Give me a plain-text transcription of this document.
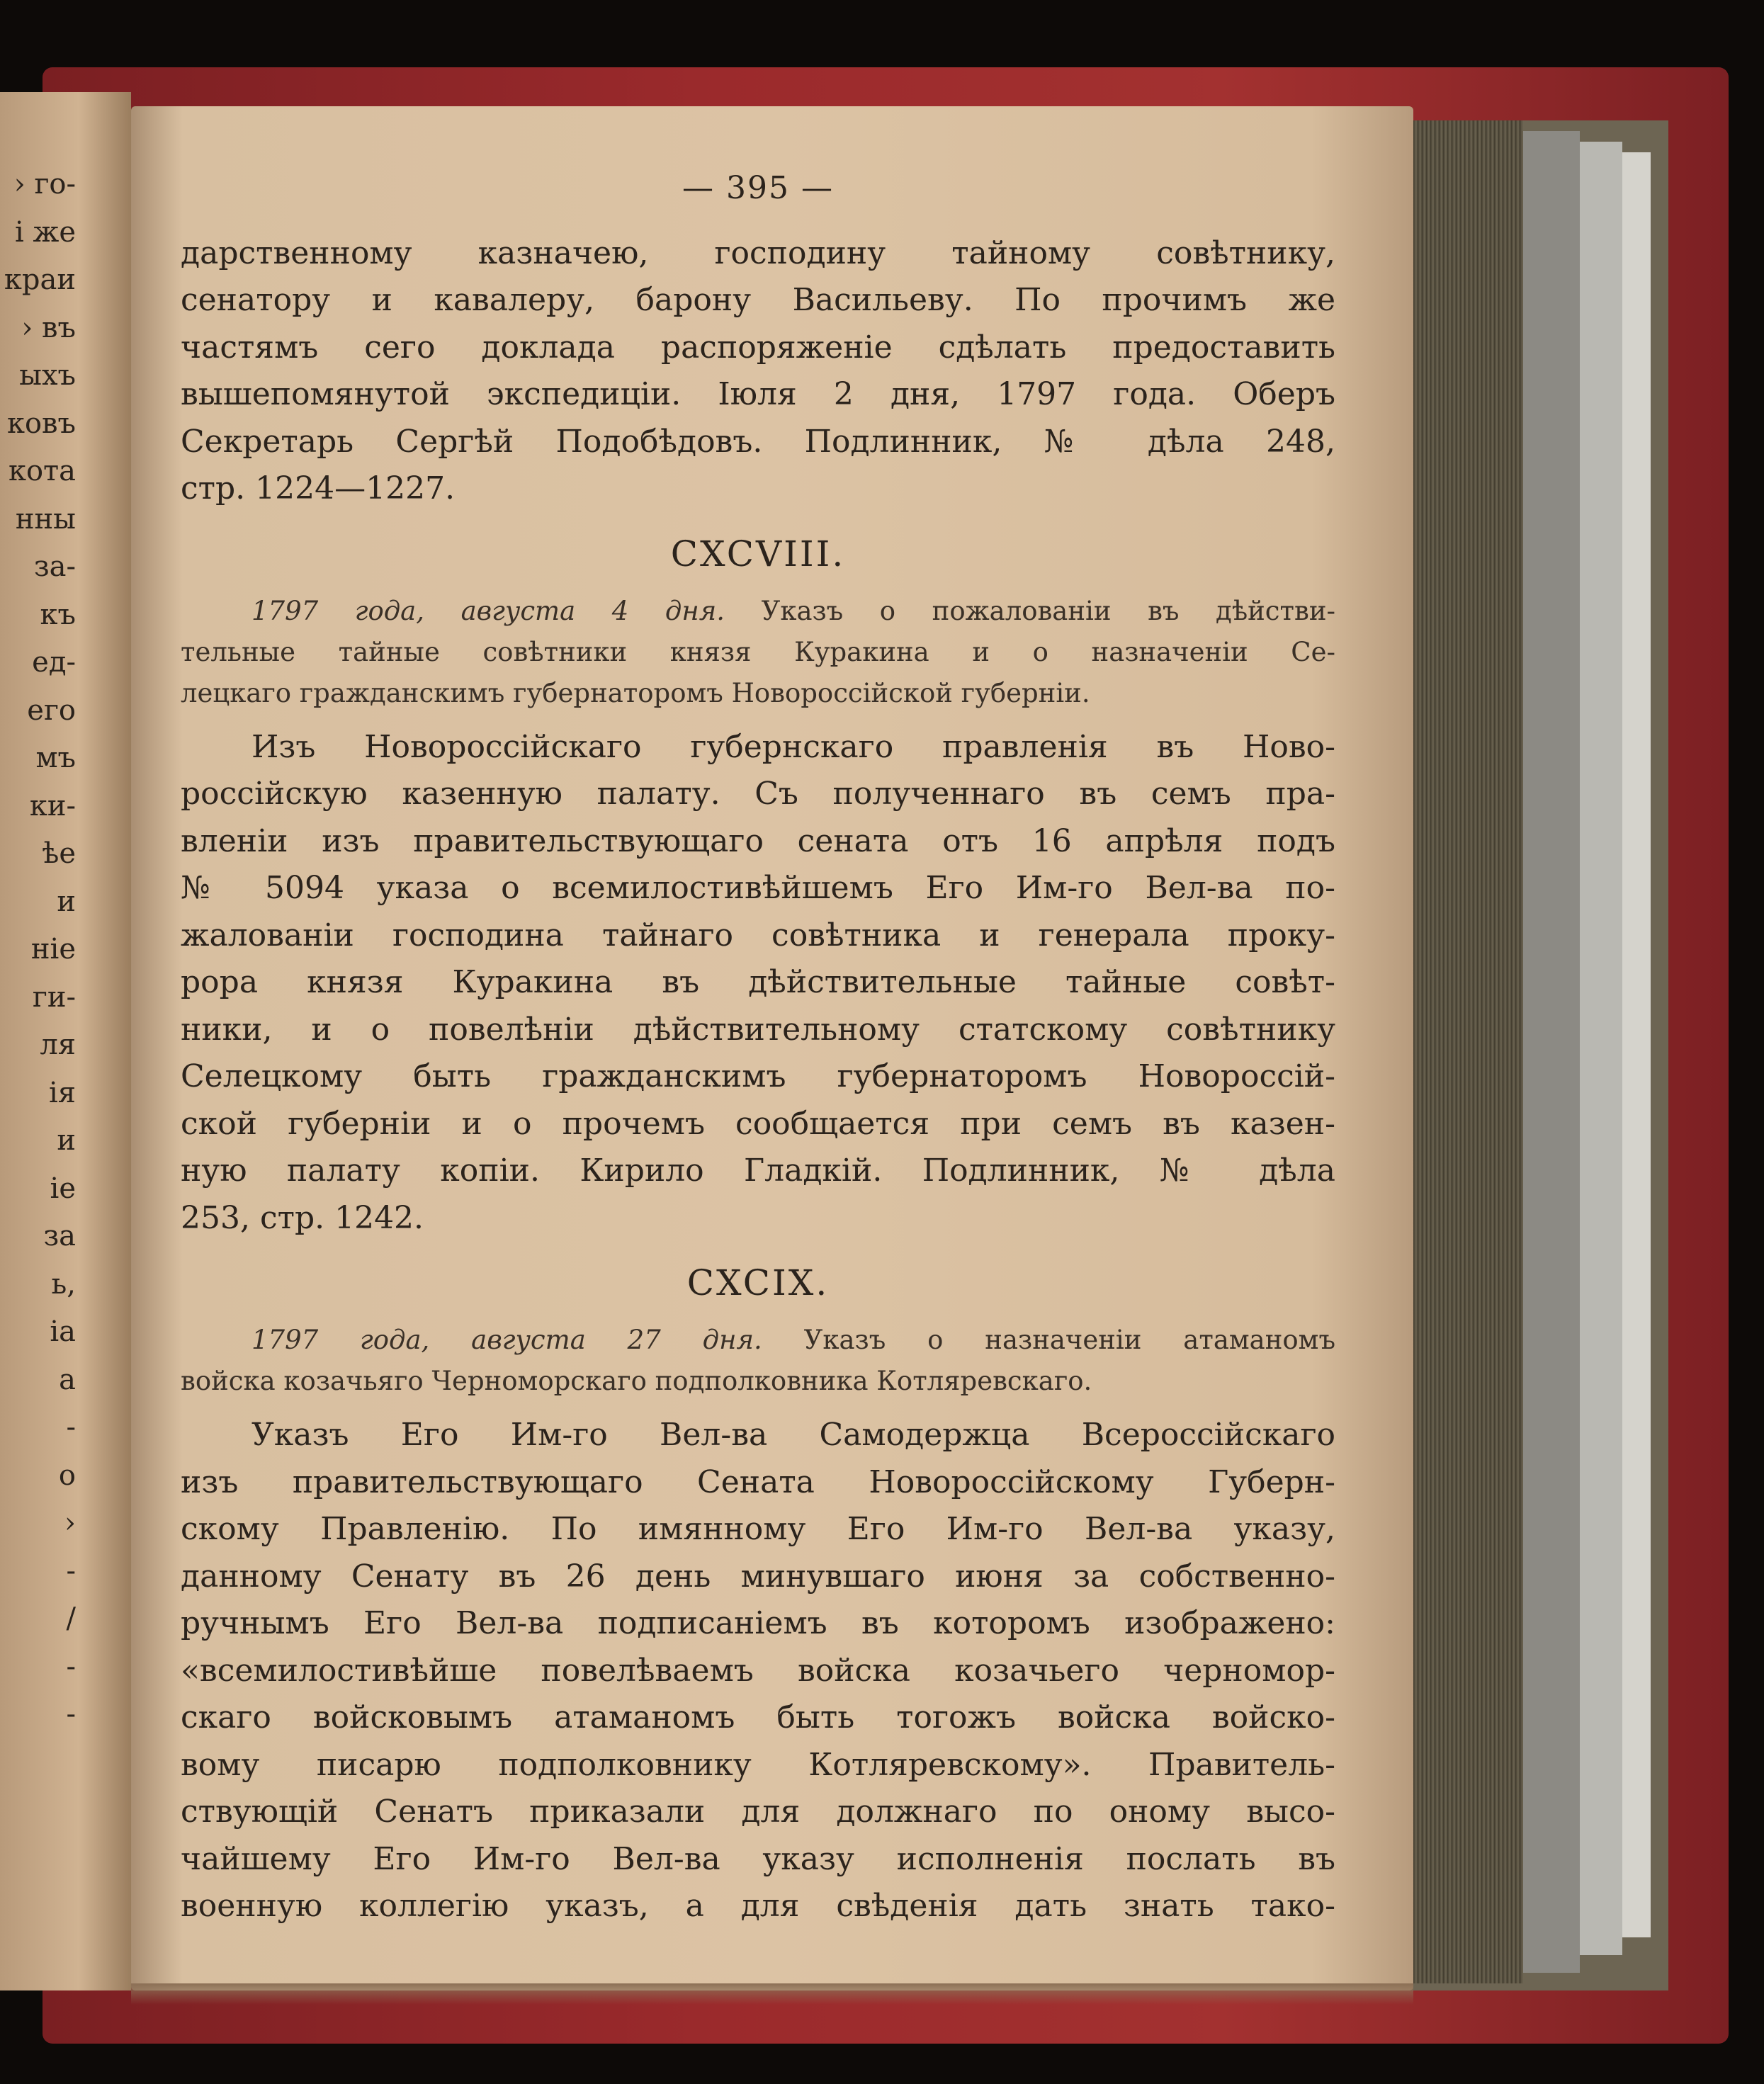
› го-
і же
краи
› въ
ыхъ
ковъ
кота
нны
за-
къ
ед-
его
мъ
ки-
ѣе
и
ніе
ги-
ля
ія
и
іе
за
ь,
іа
а
-
о
›
-
/
-
-
— 395 —

дарственному казначею, господину тайному совѣтнику,
сенатору и кавалеру, барону Васильеву. По прочимъ же
частямъ сего доклада распоряженіе сдѣлать предоставить
вышепомянутой экспедиціи. Іюля 2 дня, 1797 года. Оберъ
Секретарь Сергѣй Подобѣдовъ. Подлинник, № дѣла 248,
стр. 1224—1227.

CXCVIII.
1797 года, августа 4 дня. Указъ о пожалованіи въ дѣйстви-
тельные тайные совѣтники князя Куракина и о назначеніи Се-
лецкаго гражданскимъ губернаторомъ Новороссійской губерніи.

Изъ Новороссійскаго губернскаго правленія въ Ново-
россійскую казенную палату. Съ полученнаго въ семъ пра-
вленіи изъ правительствующаго сената отъ 16 апрѣля подъ
№ 5094 указа о всемилостивѣйшемъ Его Им-го Вел-ва по-
жалованіи господина тайнаго совѣтника и генерала проку-
рора князя Куракина въ дѣйствительные тайные совѣт-
ники, и о повелѣніи дѣйствительному статскому совѣтнику
Селецкому быть гражданскимъ губернаторомъ Новороссій-
ской губерніи и о прочемъ сообщается при семъ въ казен-
ную палату копіи. Кирило Гладкій. Подлинник, № дѣла
253, стр. 1242.

CXCIX.
1797 года, августа 27 дня. Указъ о назначеніи атаманомъ
войска козачьяго Черноморскаго подполковника Котляревскаго.

Указъ Его Им-го Вел-ва Самодержца Всероссійскаго
изъ правительствующаго Сената Новороссійскому Губерн-
скому Правленію. По имянному Его Им-го Вел-ва указу,
данному Сенату въ 26 день минувшаго июня за собственно-
ручнымъ Его Вел-ва подписаніемъ въ которомъ изображено:
«всемилостивѣйше повелѣваемъ войска козачьего черномор-
скаго войсковымъ атаманомъ быть тогожъ войска войско-
вому писарю подполковнику Котляревскому». Правитель-
ствующій Сенатъ приказали для должнаго по оному высо-
чайшему Его Им-го Вел-ва указу исполненія послать въ
военную коллегію указъ, а для свѣденія дать знать тако-
